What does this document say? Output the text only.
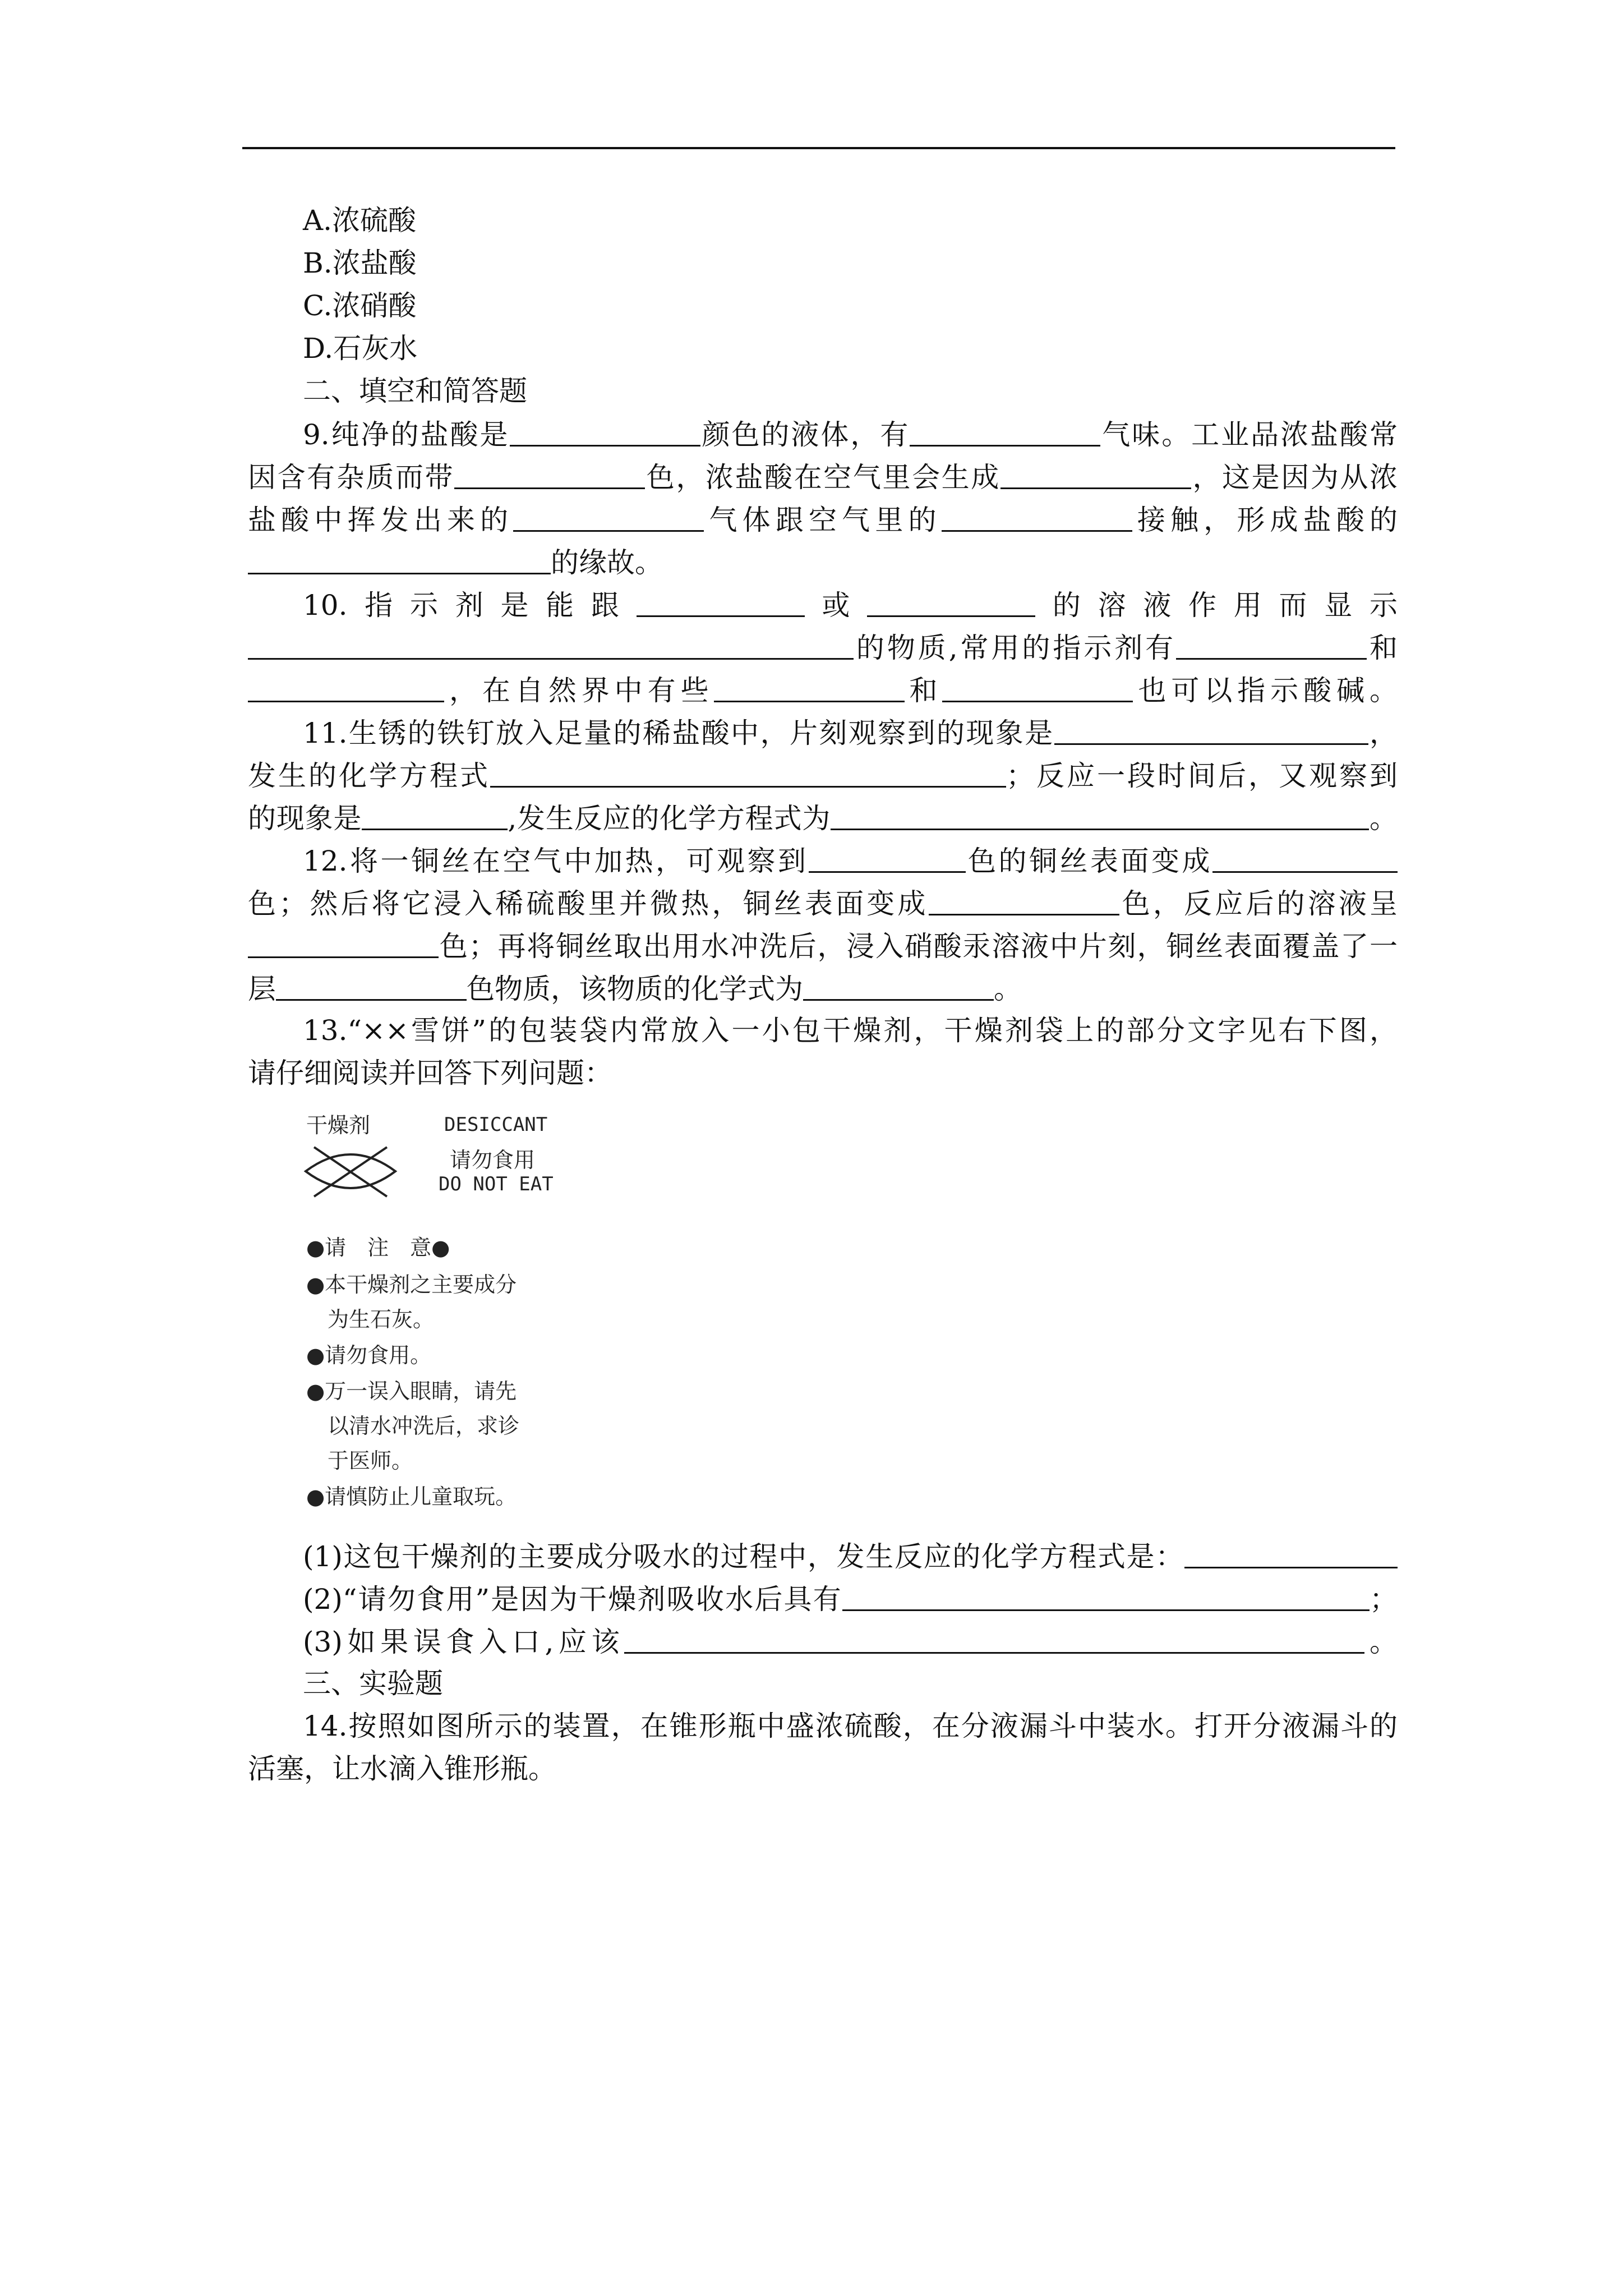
A.浓硫酸
B.浓盐酸
C.浓硝酸
D.石灰水
二、填空和简答题
9.纯净的盐酸是	颜色的液体，有	气味。工业品浓盐酸常
因含有杂质而带	色，浓盐酸在空气里会生成	，这是因为从浓
盐酸中挥发出来的	气体跟空气里的	接触，形成盐酸的
的缘故。
10.指示剂是能跟	或	的溶液作用而显示
的物质,常用的指示剂有	和
，在自然界中有些	和	也可以指示酸碱。
11.生锈的铁钉放入足量的稀盐酸中，片刻观察到的现象是	，
发生的化学方程式	；反应一段时间后，又观察到
的现象是	,发生反应的化学方程式为	。
12.将一铜丝在空气中加热，可观察到	色的铜丝表面变成
色；然后将它浸入稀硫酸里并微热，铜丝表面变成	色，反应后的溶液呈
色；再将铜丝取出用水冲洗后，浸入硝酸汞溶液中片刻，铜丝表面覆盖了一
层	色物质，该物质的化学式为	。
13.“××雪饼”的包装袋内常放入一小包干燥剂，干燥剂袋上的部分文字见右下图，
请仔细阅读并回答下列问题：
干燥剂	DESICCANT
请勿食用
DO NOT EAT
●请　注　意●
●本干燥剂之主要成分
为生石灰。
●请勿食用。
●万一误入眼睛，请先
以清水冲洗后，求诊
于医师。
●请慎防止儿童取玩。
(1)这包干燥剂的主要成分吸水的过程中，发生反应的化学方程式是：
(2)“请勿食用”是因为干燥剂吸收水后具有	；
(3)如果误食入口,应该	。
三、实验题
14.按照如图所示的装置，在锥形瓶中盛浓硫酸，在分液漏斗中装水。打开分液漏斗的
活塞，让水滴入锥形瓶。
